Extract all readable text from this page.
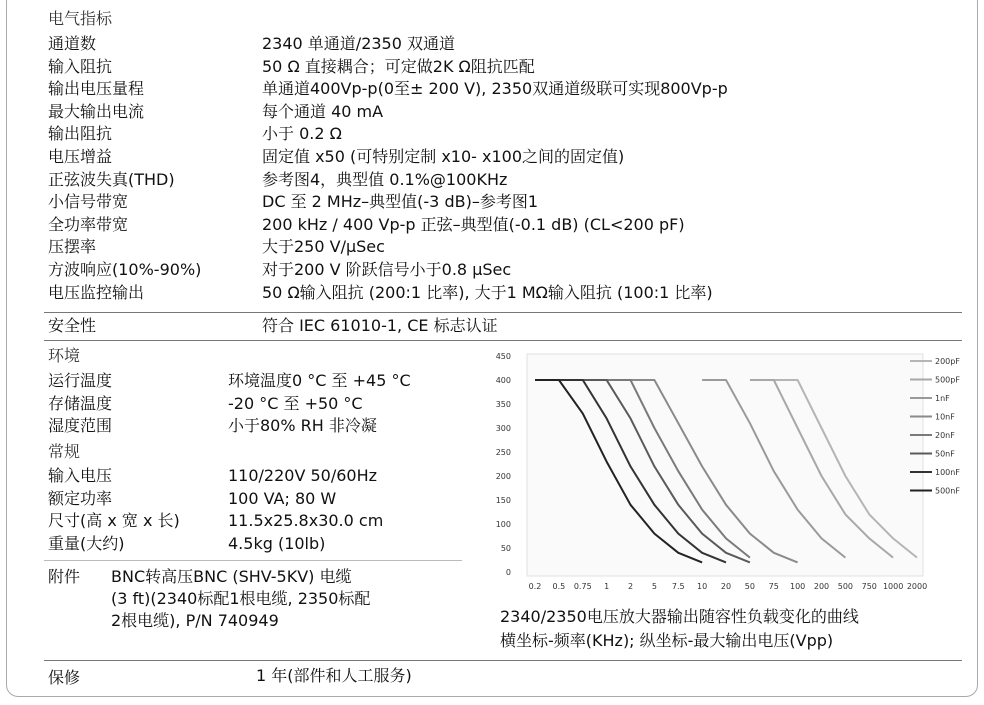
电气指标
通道数	2340 单通道/2350 双通道
输入阻抗	50 Ω 直接耦合；可定做2K Ω阻抗匹配
输出电压量程	单通道400Vp-p(0至± 200 V), 2350双通道级联可实现800Vp-p
最大输出电流	每个通道 40 mA
输出阻抗	小于 0.2 Ω
电压增益	固定值 x50 (可特别定制 x10- x100之间的固定值)
正弦波失真(THD)	参考图4，典型值 0.1%@100KHz
小信号带宽	DC 至 2 MHz–典型值(-3 dB)–参考图1
全功率带宽	200 kHz / 400 Vp-p 正弦–典型值(-0.1 dB) (CL<200 pF)
压摆率	大于250 V/µSec
方波响应(10%-90%)	对于200 V 阶跃信号小于0.8 µSec
电压监控输出	50 Ω输入阻抗 (200:1 比率), 大于1 MΩ输入阻抗 (100:1 比率)
安全性	符合 IEC 61010-1, CE 标志认证
环境
运行温度	环境温度0 °C 至 +45 °C
存储温度	-20 °C 至 +50 °C
湿度范围	小于80% RH 非冷凝
常规
输入电压	110/220V 50/60Hz
额定功率	100 VA; 80 W
尺寸(高 x 宽 x 长)	11.5x25.8x30.0 cm
重量(大约)	4.5kg (10lb)
附件 BNC转高压BNC (SHV-5KV) 电缆
(3 ft)(2340标配1根电缆, 2350标配
2根电缆), P/N 740949
保修	1 年(部件和人工服务)
0
50
100
150
200
250
300
350
400
450
0.2 0.5 0.75 1 2 5 7.5 10 20 50 75 100 200 500 750 1000 2000
200pF
500pF
1nF
10nF
20nF
50nF
100nF
500nF
2340/2350电压放大器输出随容性负载变化的曲线
横坐标-频率(KHz); 纵坐标-最大输出电压(Vpp)
